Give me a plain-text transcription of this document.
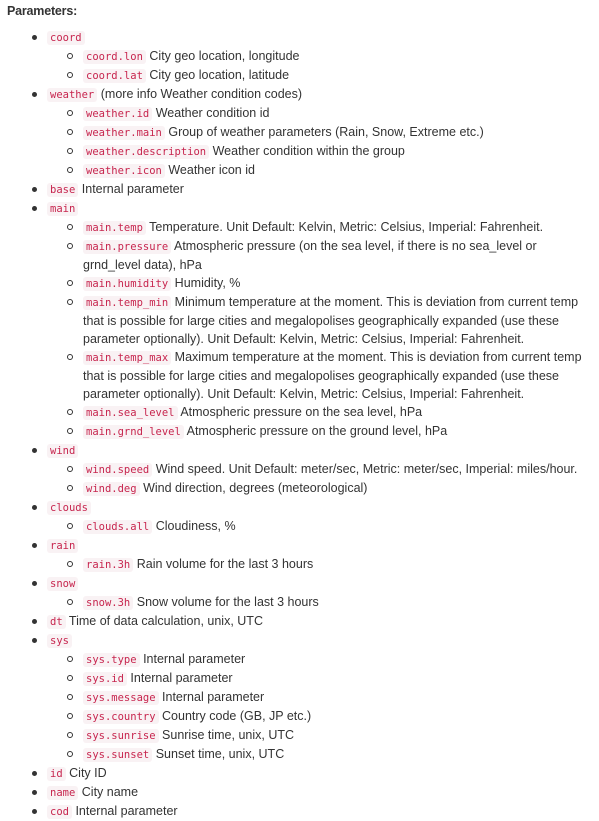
Parameters:
coord
coord.lon City geo location, longitude
coord.lat City geo location, latitude
weather (more info Weather condition codes)
weather.id Weather condition id
weather.main Group of weather parameters (Rain, Snow, Extreme etc.)
weather.description Weather condition within the group
weather.icon Weather icon id
base Internal parameter
main
main.temp Temperature. Unit Default: Kelvin, Metric: Celsius, Imperial: Fahrenheit.
main.pressure Atmospheric pressure (on the sea level, if there is no sea_level or grnd_level data), hPa
main.humidity Humidity, %
main.temp_min Minimum temperature at the moment. This is deviation from current temp that is possible for large cities and megalopolises geographically expanded (use these parameter optionally). Unit Default: Kelvin, Metric: Celsius, Imperial: Fahrenheit.
main.temp_max Maximum temperature at the moment. This is deviation from current temp that is possible for large cities and megalopolises geographically expanded (use these parameter optionally). Unit Default: Kelvin, Metric: Celsius, Imperial: Fahrenheit.
main.sea_level Atmospheric pressure on the sea level, hPa
main.grnd_level Atmospheric pressure on the ground level, hPa
wind
wind.speed Wind speed. Unit Default: meter/sec, Metric: meter/sec, Imperial: miles/hour.
wind.deg Wind direction, degrees (meteorological)
clouds
clouds.all Cloudiness, %
rain
rain.3h Rain volume for the last 3 hours
snow
snow.3h Snow volume for the last 3 hours
dt Time of data calculation, unix, UTC
sys
sys.type Internal parameter
sys.id Internal parameter
sys.message Internal parameter
sys.country Country code (GB, JP etc.)
sys.sunrise Sunrise time, unix, UTC
sys.sunset Sunset time, unix, UTC
id City ID
name City name
cod Internal parameter
